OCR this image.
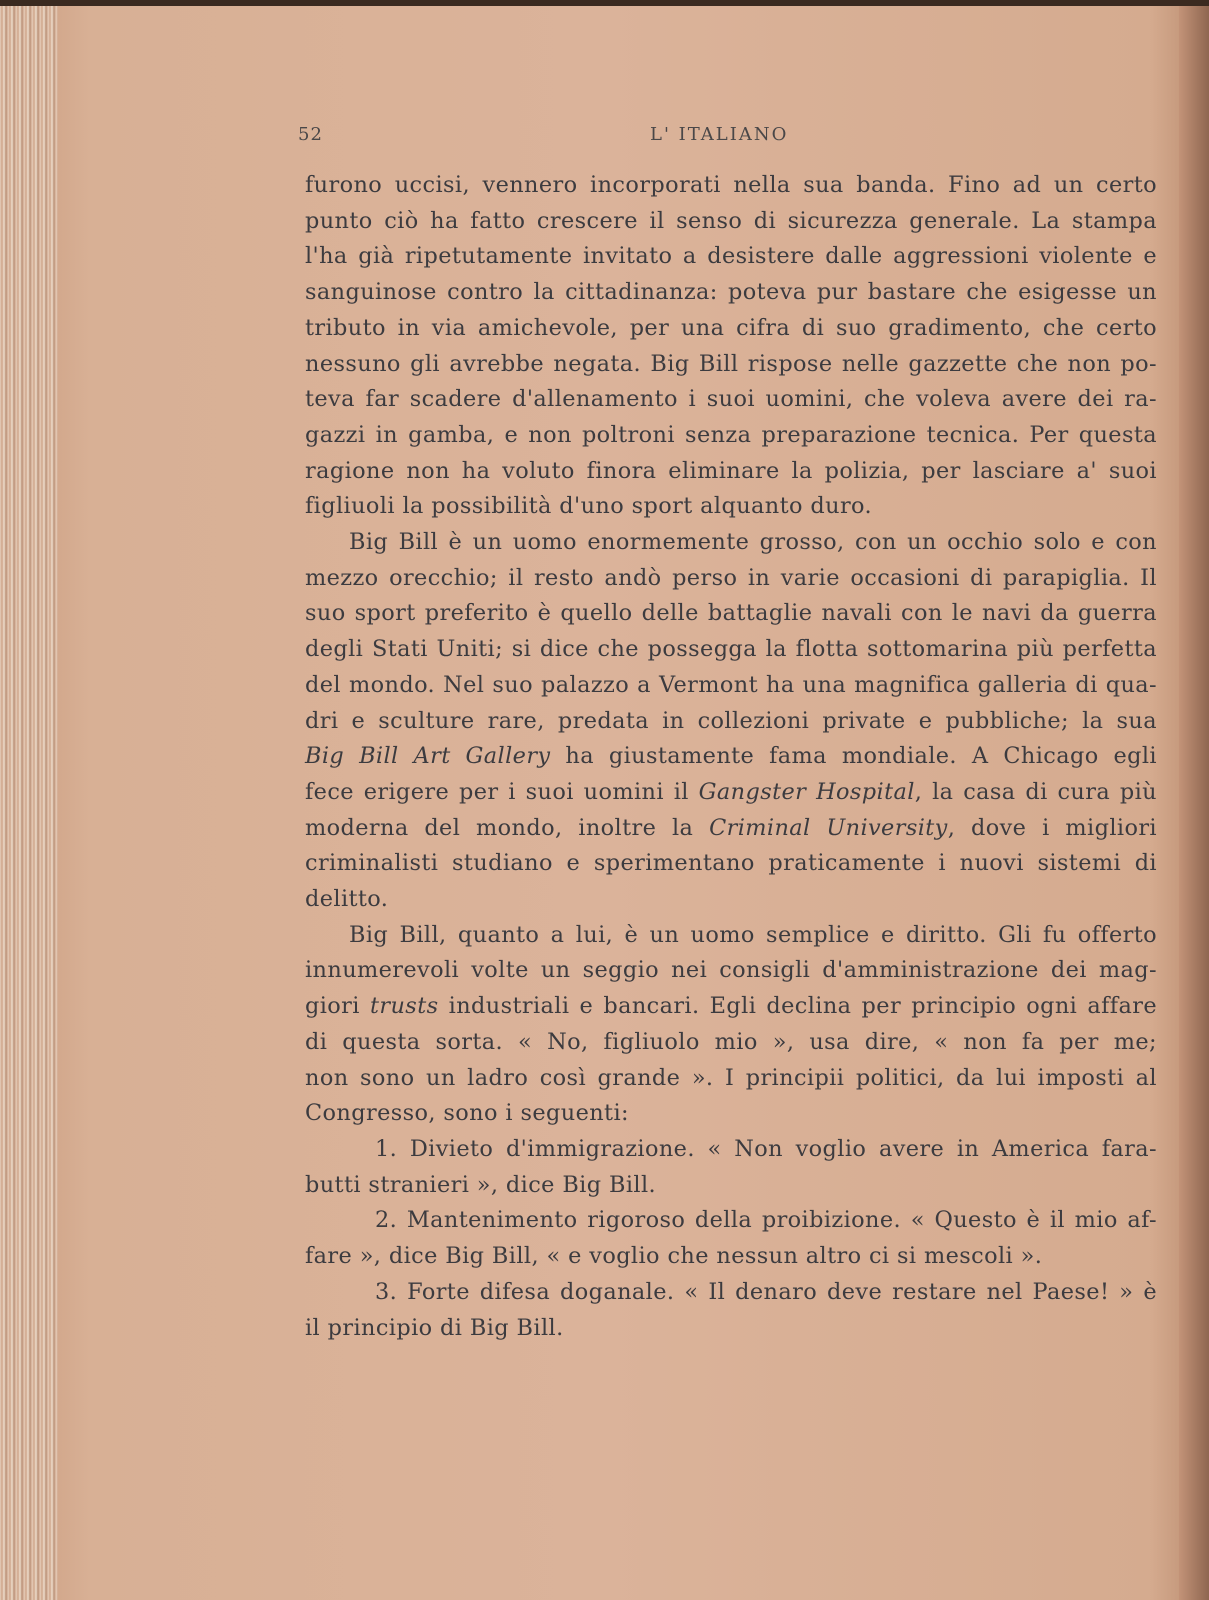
52	L' ITALIANO
furono uccisi, vennero incorporati nella sua banda. Fino ad un certo
punto ciò ha fatto crescere il senso di sicurezza generale. La stampa
l'ha già ripetutamente invitato a desistere dalle aggressioni violente e
sanguinose contro la cittadinanza: poteva pur bastare che esigesse un
tributo in via amichevole, per una cifra di suo gradimento, che certo
nessuno gli avrebbe negata. Big Bill rispose nelle gazzette che non po-
teva far scadere d'allenamento i suoi uomini, che voleva avere dei ra-
gazzi in gamba, e non poltroni senza preparazione tecnica. Per questa
ragione non ha voluto finora eliminare la polizia, per lasciare a' suoi
figliuoli la possibilità d'uno sport alquanto duro.
Big Bill è un uomo enormemente grosso, con un occhio solo e con
mezzo orecchio; il resto andò perso in varie occasioni di parapiglia. Il
suo sport preferito è quello delle battaglie navali con le navi da guerra
degli Stati Uniti; si dice che possegga la flotta sottomarina più perfetta
del mondo. Nel suo palazzo a Vermont ha una magnifica galleria di qua-
dri e sculture rare, predata in collezioni private e pubbliche; la sua
Big Bill Art Gallery ha giustamente fama mondiale. A Chicago egli
fece erigere per i suoi uomini il Gangster Hospital, la casa di cura più
moderna del mondo, inoltre la Criminal University, dove i migliori
criminalisti studiano e sperimentano praticamente i nuovi sistemi di
delitto.
Big Bill, quanto a lui, è un uomo semplice e diritto. Gli fu offerto
innumerevoli volte un seggio nei consigli d'amministrazione dei mag-
giori trusts industriali e bancari. Egli declina per principio ogni affare
di questa sorta. « No, figliuolo mio », usa dire, « non fa per me;
non sono un ladro così grande ». I principii politici, da lui imposti al
Congresso, sono i seguenti:
1. Divieto d'immigrazione. « Non voglio avere in America fara-
butti stranieri », dice Big Bill.
2. Mantenimento rigoroso della proibizione. « Questo è il mio af-
fare », dice Big Bill, « e voglio che nessun altro ci si mescoli ».
3. Forte difesa doganale. « Il denaro deve restare nel Paese! » è
il principio di Big Bill.
